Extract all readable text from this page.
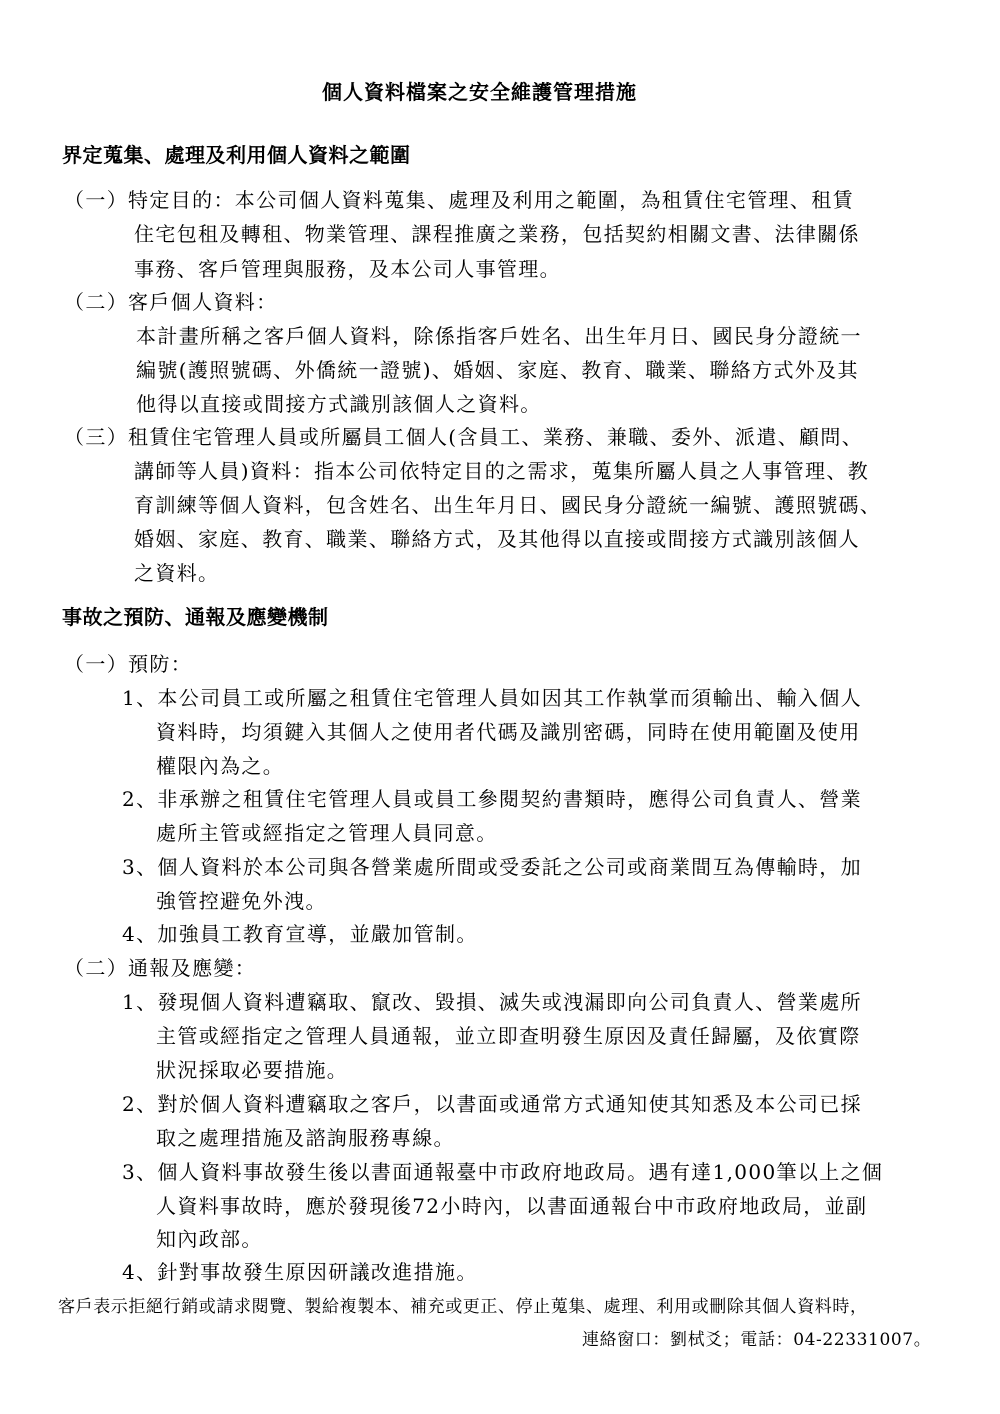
個人資料檔案之安全維護管理措施
界定蒐集、處理及利用個人資料之範圍
（一）特定目的：本公司個人資料蒐集、處理及利用之範圍，為租賃住宅管理、租賃
住宅包租及轉租、物業管理、課程推廣之業務，包括契約相關文書、法律關係
事務、客戶管理與服務，及本公司人事管理。
（二）客戶個人資料：
本計畫所稱之客戶個人資料，除係指客戶姓名、出生年月日、國民身分證統一
編號(護照號碼、外僑統一證號)、婚姻、家庭、教育、職業、聯絡方式外及其
他得以直接或間接方式識別該個人之資料。
（三）租賃住宅管理人員或所屬員工個人(含員工、業務、兼職、委外、派遣、顧問、
講師等人員)資料：指本公司依特定目的之需求，蒐集所屬人員之人事管理、教
育訓練等個人資料，包含姓名、出生年月日、國民身分證統一編號、護照號碼、
婚姻、家庭、教育、職業、聯絡方式，及其他得以直接或間接方式識別該個人
之資料。
事故之預防、通報及應變機制
（一）預防：
1、本公司員工或所屬之租賃住宅管理人員如因其工作執掌而須輸出、輸入個人
資料時，均須鍵入其個人之使用者代碼及識別密碼，同時在使用範圍及使用
權限內為之。
2、非承辦之租賃住宅管理人員或員工參閱契約書類時，應得公司負責人、營業
處所主管或經指定之管理人員同意。
3、個人資料於本公司與各營業處所間或受委託之公司或商業間互為傳輸時，加
強管控避免外洩。
4、加強員工教育宣導，並嚴加管制。
（二）通報及應變：
1、發現個人資料遭竊取、竄改、毀損、滅失或洩漏即向公司負責人、營業處所
主管或經指定之管理人員通報，並立即查明發生原因及責任歸屬，及依實際
狀況採取必要措施。
2、對於個人資料遭竊取之客戶，以書面或通常方式通知使其知悉及本公司已採
取之處理措施及諮詢服務專線。
3、個人資料事故發生後以書面通報臺中市政府地政局。遇有達1,000筆以上之個
人資料事故時，應於發現後72小時內，以書面通報台中市政府地政局，並副
知內政部。
4、針對事故發生原因研議改進措施。
客戶表示拒絕行銷或請求閱覽、製給複製本、補充或更正、停止蒐集、處理、利用或刪除其個人資料時，
連絡窗口：劉栻爻；電話：04-22331007。
